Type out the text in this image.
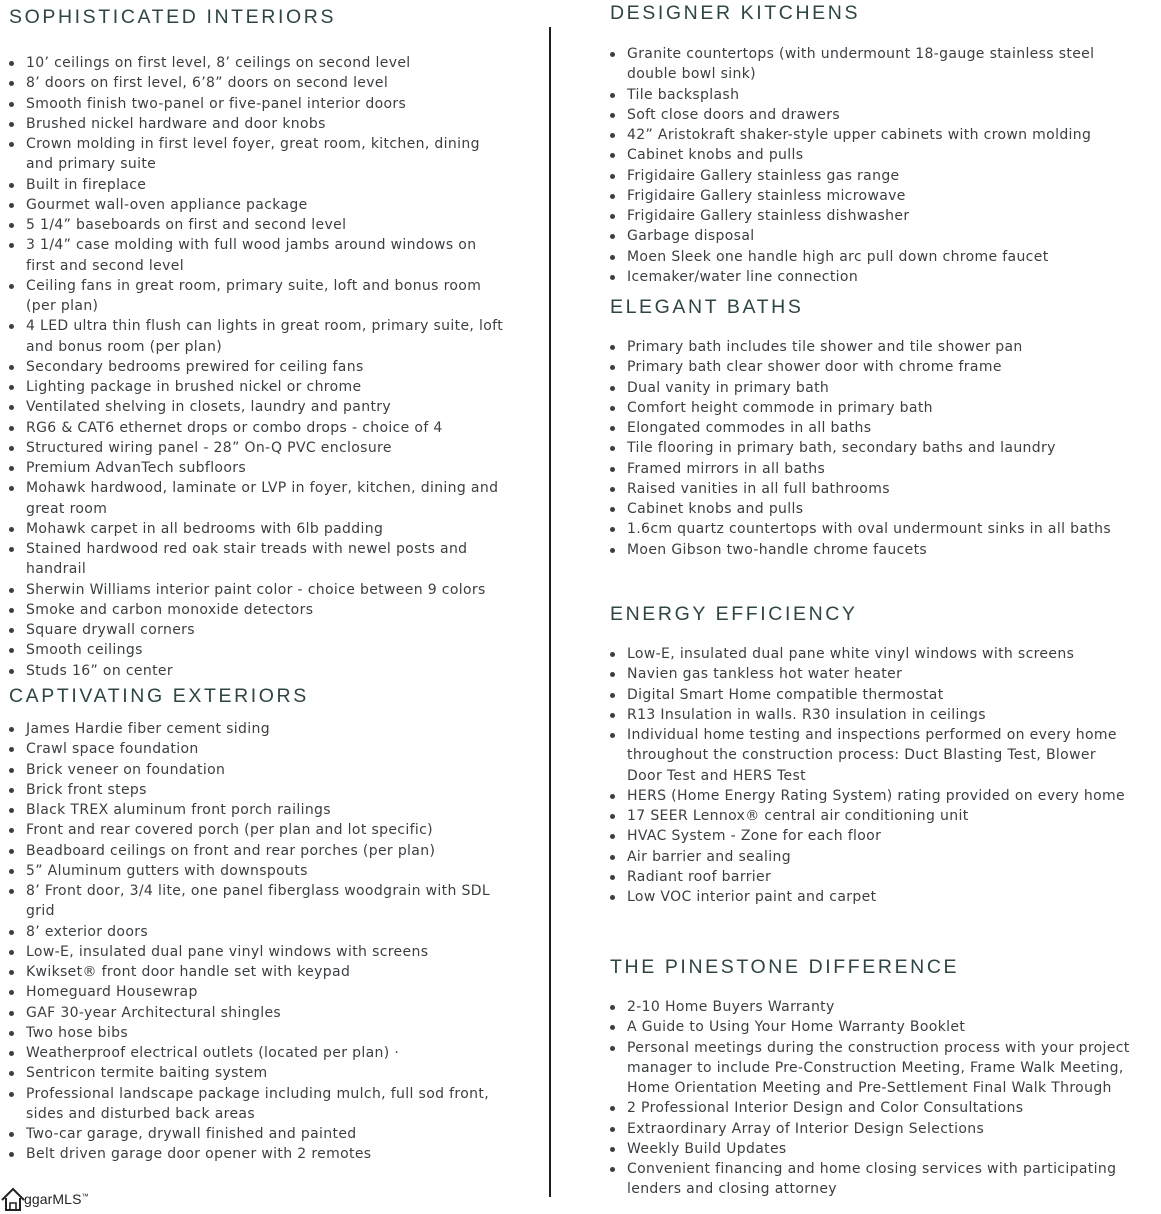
SOPHISTICATED INTERIORS
10’ ceilings on first level, 8’ ceilings on second level
8’ doors on first level, 6’8” doors on second level
Smooth finish two-panel or five-panel interior doors
Brushed nickel hardware and door knobs
Crown molding in first level foyer, great room, kitchen, dining and primary suite
Built in fireplace
Gourmet wall-oven appliance package
5 1/4” baseboards on first and second level
3 1/4” case molding with full wood jambs around windows on first and second level
Ceiling fans in great room, primary suite, loft and bonus room (per plan)
4 LED ultra thin flush can lights in great room, primary suite, loft and bonus room (per plan)
Secondary bedrooms prewired for ceiling fans
Lighting package in brushed nickel or chrome
Ventilated shelving in closets, laundry and pantry
RG6 & CAT6 ethernet drops or combo drops - choice of 4
Structured wiring panel - 28” On-Q PVC enclosure
Premium AdvanTech subfloors
Mohawk hardwood, laminate or LVP in foyer, kitchen, dining and great room
Mohawk carpet in all bedrooms with 6lb padding
Stained hardwood red oak stair treads with newel posts and handrail
Sherwin Williams interior paint color - choice between 9 colors
Smoke and carbon monoxide detectors
Square drywall corners
Smooth ceilings
Studs 16” on center
CAPTIVATING EXTERIORS
James Hardie fiber cement siding
Crawl space foundation
Brick veneer on foundation
Brick front steps
Black TREX aluminum front porch railings
Front and rear covered porch (per plan and lot specific)
Beadboard ceilings on front and rear porches (per plan)
5” Aluminum gutters with downspouts
8’ Front door, 3/4 lite, one panel fiberglass woodgrain with SDL grid
8’ exterior doors
Low-E, insulated dual pane vinyl windows with screens
Kwikset® front door handle set with keypad
Homeguard Housewrap
GAF 30-year Architectural shingles
Two hose bibs
Weatherproof electrical outlets (located per plan) ·
Sentricon termite baiting system
Professional landscape package including mulch, full sod front, sides and disturbed back areas
Two-car garage, drywall finished and painted
Belt driven garage door opener with 2 remotes
DESIGNER KITCHENS
Granite countertops (with undermount 18-gauge stainless steel double bowl sink)
Tile backsplash
Soft close doors and drawers
42” Aristokraft shaker-style upper cabinets with crown molding
Cabinet knobs and pulls
Frigidaire Gallery stainless gas range
Frigidaire Gallery stainless microwave
Frigidaire Gallery stainless dishwasher
Garbage disposal
Moen Sleek one handle high arc pull down chrome faucet
Icemaker/water line connection
ELEGANT BATHS
Primary bath includes tile shower and tile shower pan
Primary bath clear shower door with chrome frame
Dual vanity in primary bath
Comfort height commode in primary bath
Elongated commodes in all baths
Tile flooring in primary bath, secondary baths and laundry
Framed mirrors in all baths
Raised vanities in all full bathrooms
Cabinet knobs and pulls
1.6cm quartz countertops with oval undermount sinks in all baths
Moen Gibson two-handle chrome faucets
ENERGY EFFICIENCY
Low-E, insulated dual pane white vinyl windows with screens
Navien gas tankless hot water heater
Digital Smart Home compatible thermostat
R13 Insulation in walls. R30 insulation in ceilings
Individual home testing and inspections performed on every home throughout the construction process: Duct Blasting Test, Blower Door Test and HERS Test
HERS (Home Energy Rating System) rating provided on every home
17 SEER Lennox® central air conditioning unit
HVAC System - Zone for each floor
Air barrier and sealing
Radiant roof barrier
Low VOC interior paint and carpet
THE PINESTONE DIFFERENCE
2-10 Home Buyers Warranty
A Guide to Using Your Home Warranty Booklet
Personal meetings during the construction process with your project manager to include Pre-Construction Meeting, Frame Walk Meeting, Home Orientation Meeting and Pre-Settlement Final Walk Through
2 Professional Interior Design and Color Consultations
Extraordinary Array of Interior Design Selections
Weekly Build Updates
Convenient financing and home closing services with participating lenders and closing attorney
ggarMLS™
